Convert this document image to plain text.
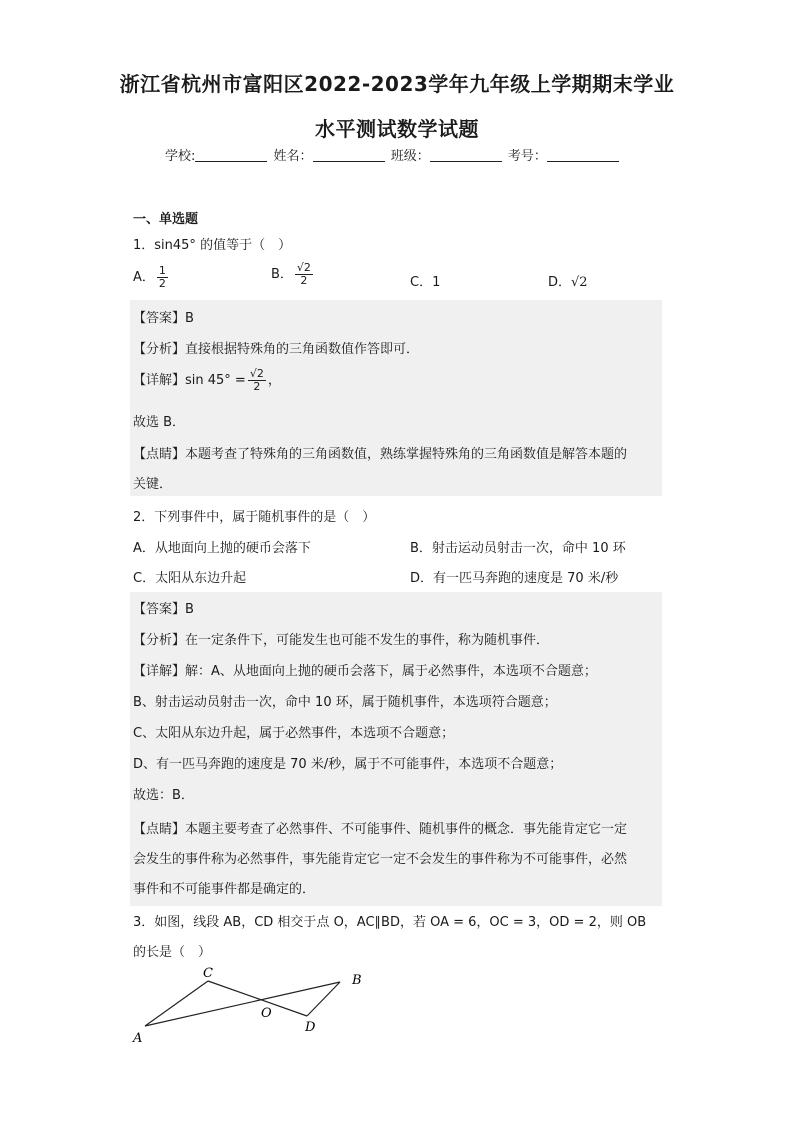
浙江省杭州市富阳区2022-2023学年九年级上学期期末学业
水平测试数学试题
学校:	姓名：	班级：	考号：
一、单选题
1．sin45° 的值等于（　）
A． $\frac{1}{2}$	B． $\frac{√2}{2}$	C．1	D．√2
【答案】B
【分析】直接根据特殊角的三角函数值作答即可．
【详解】$\sin 45^\circ = \frac{√2}{2}$ ，
故选 B．
【点睛】本题考查了特殊角的三角函数值，熟练掌握特殊角的三角函数值是解答本题的
关键．
2．下列事件中，属于随机事件的是（　）
A．从地面向上抛的硬币会落下	B．射击运动员射击一次，命中 10 环
C．太阳从东边升起	D．有一匹马奔跑的速度是 70 米/秒
【答案】B
【分析】在一定条件下，可能发生也可能不发生的事件，称为随机事件．
【详解】解：A、从地面向上抛的硬币会落下，属于必然事件，本选项不合题意；
B、射击运动员射击一次，命中 10 环，属于随机事件，本选项符合题意；
C、太阳从东边升起，属于必然事件，本选项不合题意；
D、有一匹马奔跑的速度是 70 米/秒，属于不可能事件，本选项不合题意；
故选：B．
【点睛】本题主要考查了必然事件、不可能事件、随机事件的概念．事先能肯定它一定
会发生的事件称为必然事件，事先能肯定它一定不会发生的事件称为不可能事件，必然
事件和不可能事件都是确定的．
3．如图，线段 AB，CD 相交于点 O，AC∥BD，若 OA = 6，OC = 3，OD = 2，则 OB
的长是（　）
C	B
O
D
A
